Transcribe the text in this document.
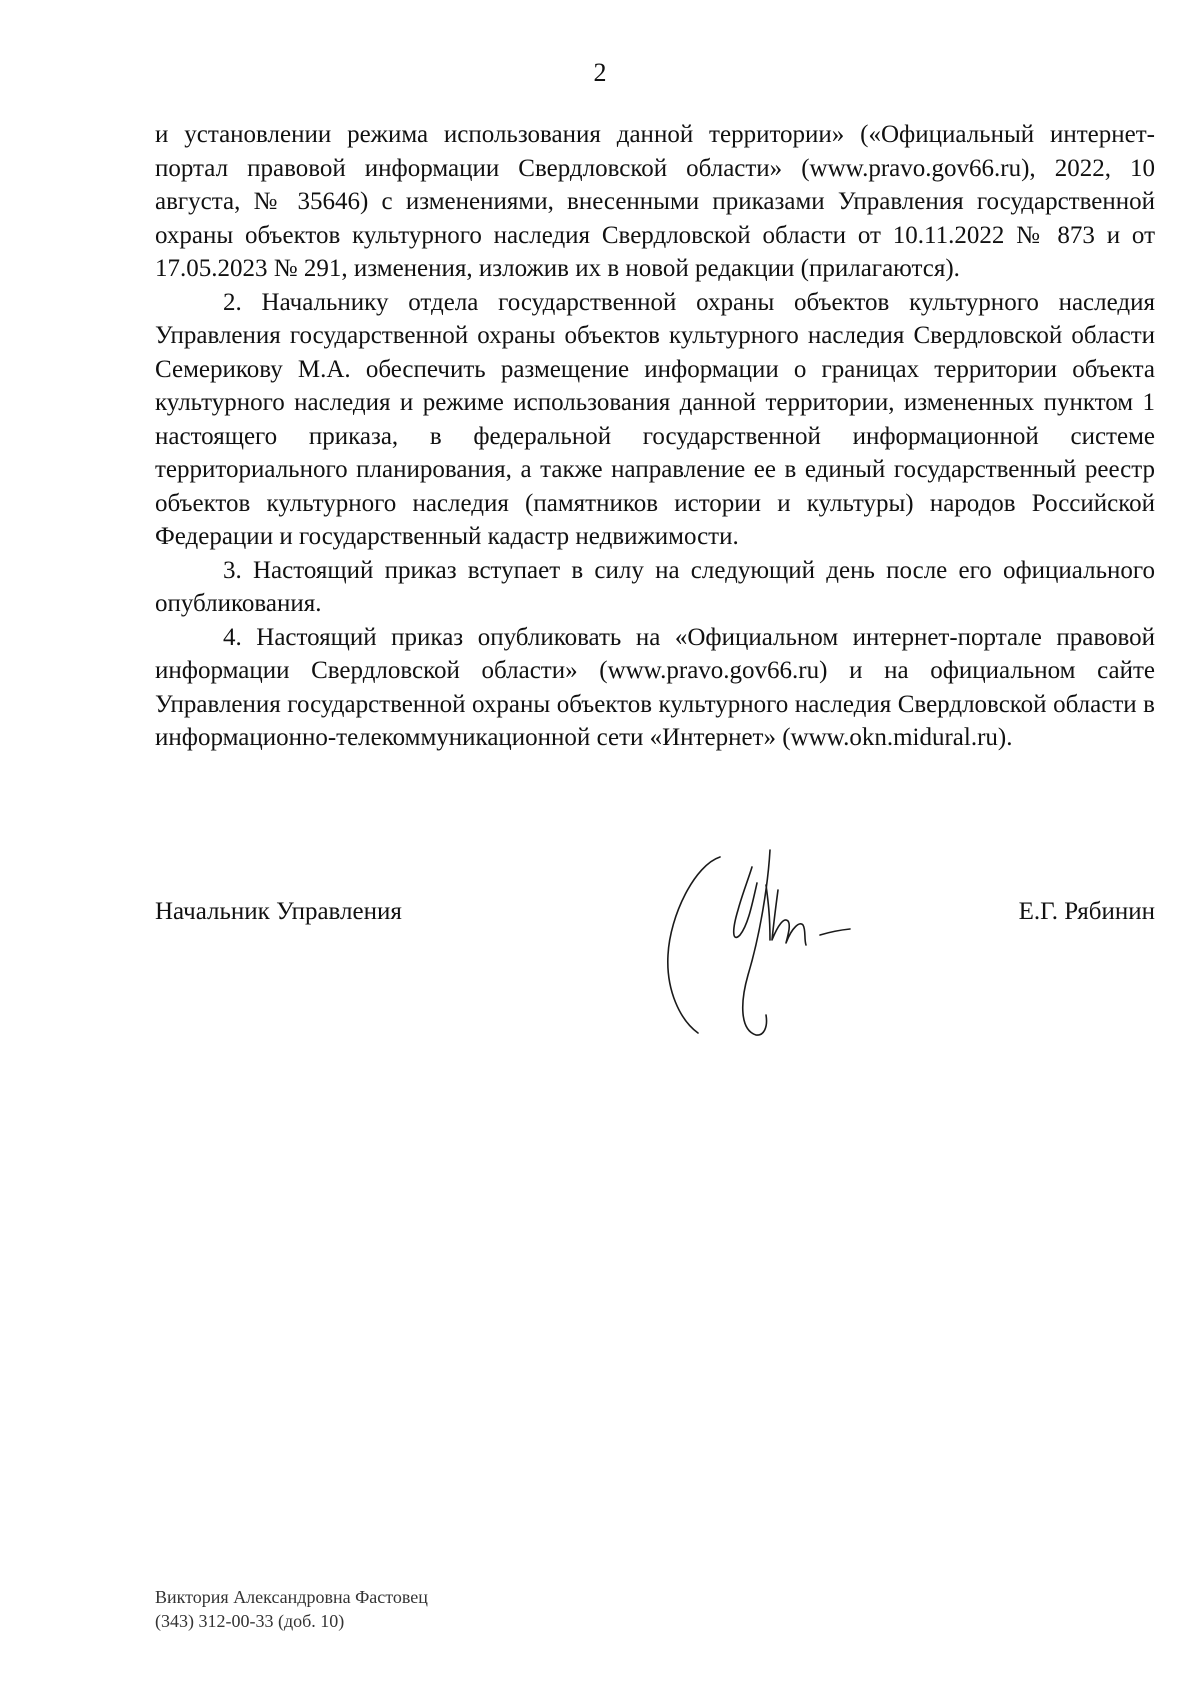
2

и установлении режима использования данной территории» («Официальный интернет-портал правовой информации Свердловской области» (www.pravo.gov66.ru), 2022, 10 августа, № 35646) с изменениями, внесенными приказами Управления государственной охраны объектов культурного наследия Свердловской области от 10.11.2022 № 873 и от 17.05.2023 № 291, изменения, изложив их в новой редакции (прилагаются).

2. Начальнику отдела государственной охраны объектов культурного наследия Управления государственной охраны объектов культурного наследия Свердловской области Семерикову М.А. обеспечить размещение информации о границах территории объекта культурного наследия и режиме использования данной территории, измененных пунктом 1 настоящего приказа, в федеральной государственной информационной системе территориального планирования, а также направление ее в единый государственный реестр объектов культурного наследия (памятников истории и культуры) народов Российской Федерации и государственный кадастр недвижимости.

3. Настоящий приказ вступает в силу на следующий день после его официального опубликования.

4. Настоящий приказ опубликовать на «Официальном интернет-портале правовой информации Свердловской области» (www.pravo.gov66.ru) и на официальном сайте Управления государственной охраны объектов культурного наследия Свердловской области в информационно-телекоммуникационной сети «Интернет» (www.okn.midural.ru).

Начальник Управления	Е.Г. Рябинин
Виктория Александровна Фастовец
(343) 312-00-33 (доб. 10)
